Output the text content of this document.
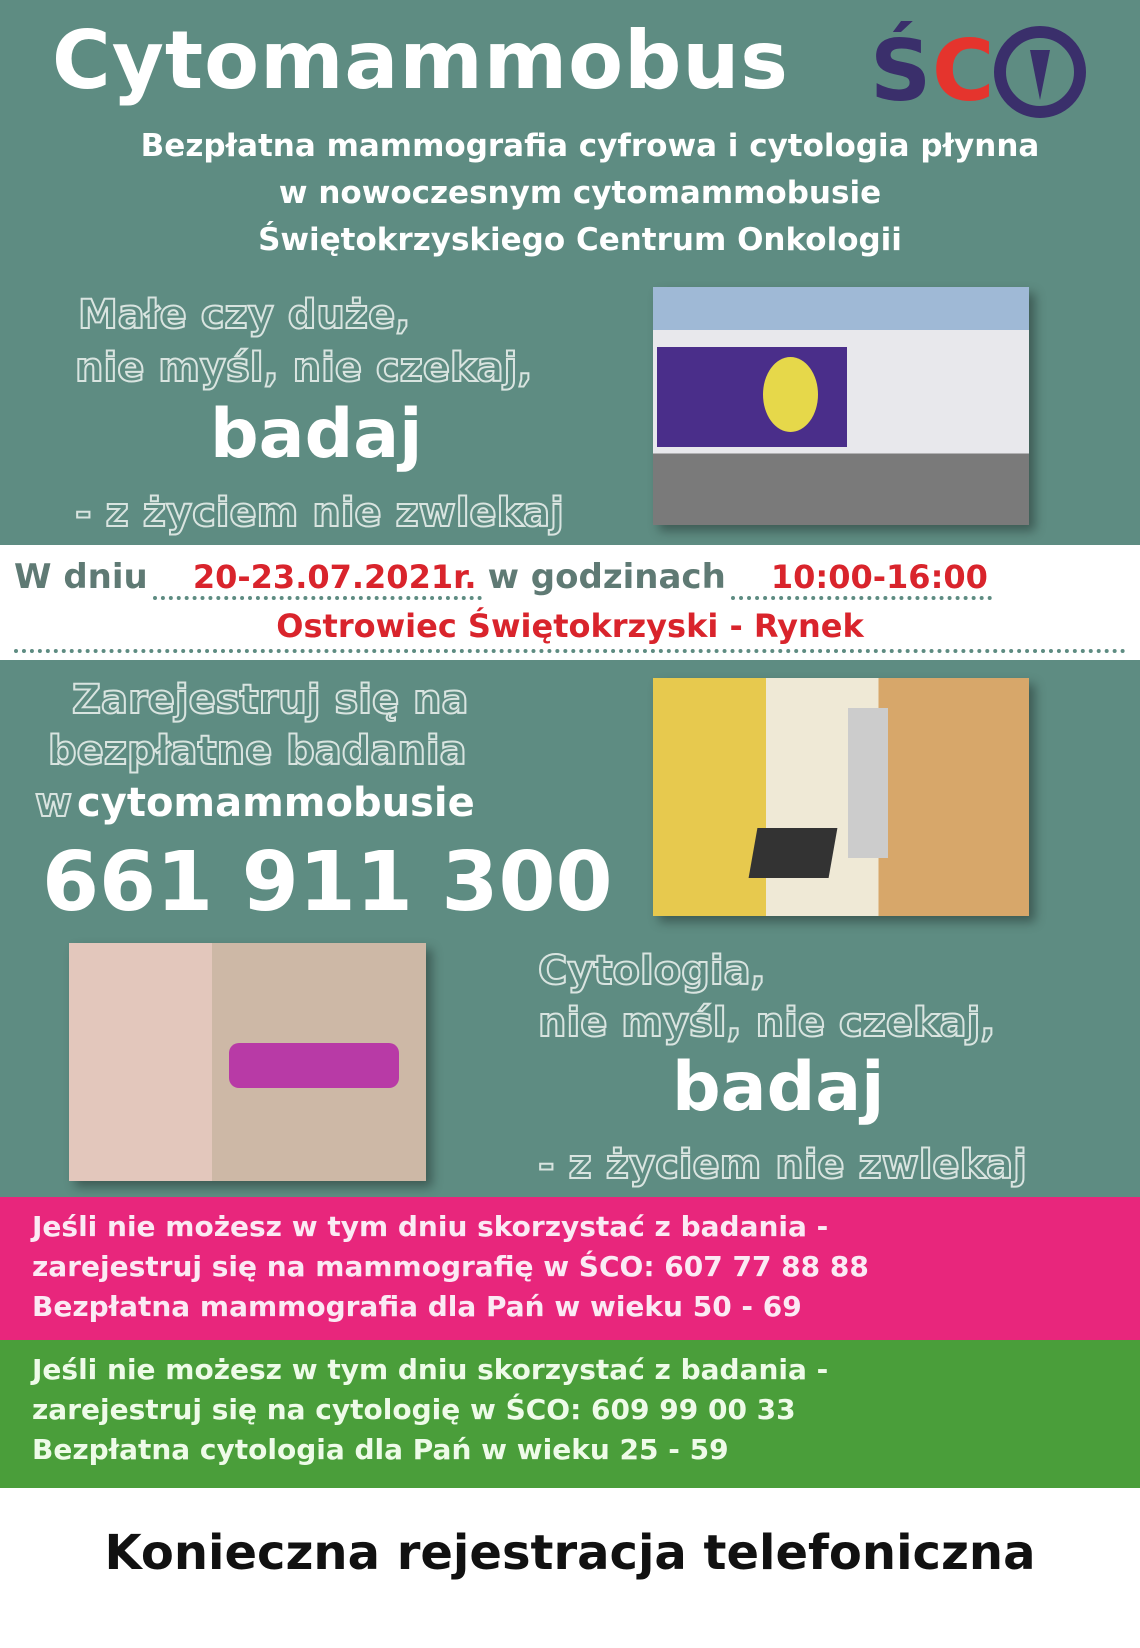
Cytomammobus Ś C
Bezpłatna mammografia cyfrowa i cytologia płynna
w nowoczesnym cytomammobusie
Świętokrzyskiego Centrum Onkologii
Małe czy duże,
nie myśl, nie czekaj,
badaj
- z życiem nie zwlekaj
W dniu 20-23.07.2021r. w godzinach 10:00-16:00
Ostrowiec Świętokrzyski - Rynek
Zarejestruj się na
bezpłatne badania
w cytomammobusie
661 911 300
Cytologia,
nie myśl, nie czekaj,
badaj
- z życiem nie zwlekaj
Jeśli nie możesz w tym dniu skorzystać z badania -
zarejestruj się na mammografię w ŚCO: 607 77 88 88
Bezpłatna mammografia dla Pań w wieku 50 - 69
Jeśli nie możesz w tym dniu skorzystać z badania -
zarejestruj się na cytologię w ŚCO: 609 99 00 33
Bezpłatna cytologia dla Pań w wieku 25 - 59
Konieczna rejestracja telefoniczna
